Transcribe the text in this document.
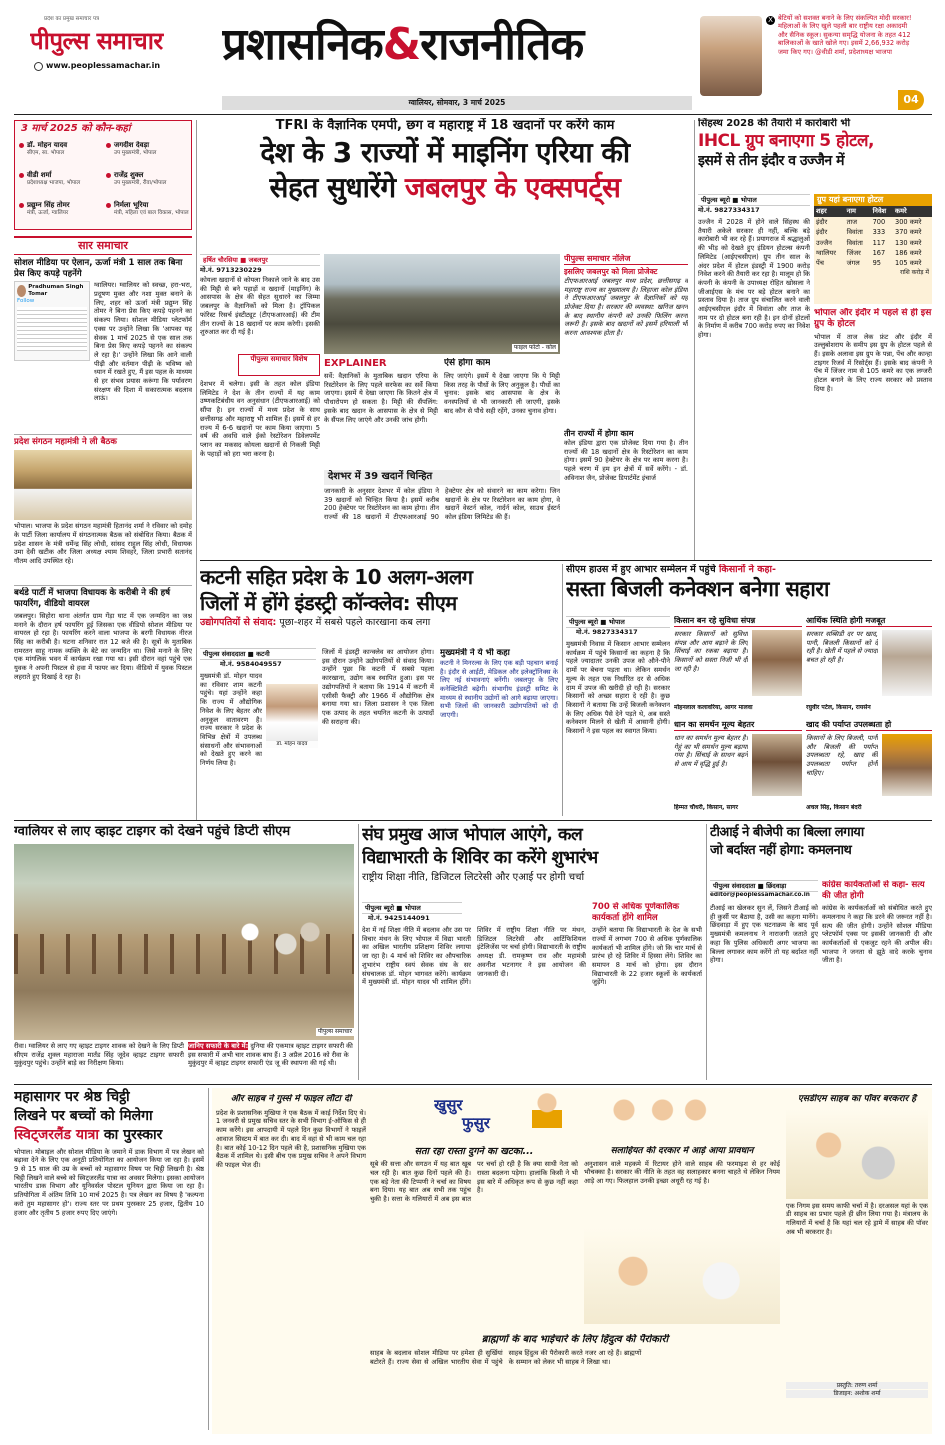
प्रदेश का प्रमुख समाचार पत्र
पीपुल्स समाचार
www.peoplessamachar.in प्रशासनिक&राजनीतिक
ग्वालियर, सोमवार, 3 मार्च 2025
X बेटियों को सशक्त बनाने के लिए संकल्पित मोदी सरकार! महिलाओं के लिए खुले पहली बार राष्ट्रीय रक्षा अकादमी और सैनिक स्कूल। सुकन्या समृद्धि योजना के तहत 412 बालिकाओं के खाते खोले गए। इसमें 2,66,932 करोड़ जमा किए गए। @वीडी शर्मा, प्रदेशाध्यक्ष भाजपा
04
3 मार्च 2025 को कौन-कहां
डॉ. मोहन यादव
सीएम, सा. भोपाल
जगदीश देवड़ा
उप मुख्यमंत्री, भोपाल
वीडी शर्मा
प्रदेशाध्यक्ष भाजपा, भोपाल
राजेंद्र शुक्ल
उप मुख्यमंत्री, रीवा/भोपाल
प्रद्युम्न सिंह तोमर
मंत्री, ऊर्जा, ग्वालियर
निर्मला भूरिया
मंत्री, महिला एवं बाल विकास, भोपाल
सार समाचार
सोशल मीडिया पर ऐलान, ऊर्जा मंत्री 1 साल तक बिना प्रेस किए कपड़े पहनेंगे
Pradhuman Singh Tomar
Follow
ग्वालियर। ग्वालियर को स्वच्छ, हरा-भरा, प्रदूषण मुक्त और नशा मुक्त बनाने के लिए, शहर को ऊर्जा मंत्री प्रद्युम्न सिंह तोमर ने बिना प्रेस किए कपड़े पहनने का संकल्प लिया। सोशल मीडिया प्लेटफॉर्म एक्स पर उन्होंने लिखा कि 'आपका यह सेवक 1 मार्च 2025 से एक साल तक बिना प्रेस किए कपड़े पहनने का संकल्प ले रहा है।' उन्होंने लिखा कि आने वाली पीढ़ी और वर्तमान पीढ़ी के भविष्य को ध्यान में रखते हुए, मैं इस पहल के माध्यम से हर संभव प्रयास करूंगा कि पर्यावरण संरक्षण की दिशा में सकारात्मक बदलाव लाऊं।
प्रदेश संगठन महामंत्री ने ली बैठक
भोपाल। भाजपा के प्रदेश संगठन महामंत्री हितानंद शर्मा ने रविवार को दमोह के पार्टी जिला कार्यालय में संगठनात्मक बैठक को संबोधित किया। बैठक में प्रदेश शासन के मंत्री धर्मेन्द्र सिंह लोधी, सांसद राहुल सिंह लोधी, विधायक उमा देवी खटीक और जिला अध्यक्ष श्याम शिवहरे, जिला प्रभारी सतानंद गौतम आदि उपस्थित रहे।
बर्थडे पार्टी में भाजपा विधायक के करीबी ने की हर्ष फायरिंग, वीडियो वायरल
जबलपुर। सिहोरा थाना अंतर्गत ग्राम गेंड़ा घाट में एक जन्मदिन का जश्न मनाने के दौरान हर्ष फायरिंग हुई जिसका एक वीडियो सोशल मीडिया पर वायरल हो रहा है। फायरिंग करने वाला भाजपा के बरगी विधायक नीरज सिंह का करीबी है। घटना शनिवार रात 12 बजे की है। सूत्रों के मुताबिक रामरतन साहू नामक व्यक्ति के बेटे का जन्मदिन था। जिसे मनाने के लिए एक मांगलिक भवन में कार्यक्रम रखा गया था। इसी दौरान वहां पहुंचे एक युवक ने अपनी पिस्टल से हवा में फायर कर दिया। वीडियो में युवक पिस्टल लहराते हुए दिखाई दे रहा है।
TFRI के वैज्ञानिक एमपी, छग व महाराष्ट्र में 18 खदानों पर करेंगे काम
देश के 3 राज्यों में माइनिंग एरिया की
सेहत सुधारेंगे जबलपुर के एक्सपर्ट्स
हर्षित चौरसिया ■ जबलपुर
मो.नं. 9713230229
कोयला खदानों से कोयला निकाले जाने के बाद उस की मिट्टी से बने पहाड़ों व खदानों (माइनिंग) के आसपास के क्षेत्र की सेहत सुधारने का जिम्मा जबलपुर के वैज्ञानिकों को मिला है। ट्रॉपिकल फॉरेस्ट रिसर्च इंस्टीट्यूट (टीएफआरआई) की टीम तीन राज्यों के 18 खदानों पर काम करेगी। इसकी शुरुआत कर दी गई है।
पीपुल्स समाचार विशेष
देशभर में चलेगा। इसी के तहत कोल इंडिया लिमिटेड ने देश के तीन राज्यों में यह काम उष्णकटिबंधीय वन अनुसंधान (टीएफआरआई) को सौंपा है। इन राज्यों में मध्य प्रदेश के साथ छत्तीसगढ़ और महाराष्ट्र भी शामिल हैं। इसमें से हर राज्य में 6-6 खदानों पर काम किया जाएगा। 5 वर्ष की अवधि वाले ईको रेस्टोरेशन डिवेलपमेंट प्लान का मकसद कोयला खदानों से निकली मिट्टी के पहाड़ों को हरा भरा करना है।
फाइल फोटो - कोल
EXPLAINER
सर्वे: वैज्ञानिकों के मुताबिक खदान एरिया के रिस्टोरेशन के लिए पहले सरफेस का सर्वे किया जाएगा। इसमें ये देखा जाएगा कि कितने क्षेत्र में पौधारोपण हो सकता है। मिट्टी की सैंपलिंग: इसके बाद खदान के आसपास के क्षेत्र से मिट्टी के सैंपल लिए जाएंगे और उनकी जांच होगी।
ऐसे होगा काम
लिए जाएंगे। इसमें ये देखा जाएगा कि ये मिट्टी किस तरह के पौधों के लिए अनुकूल है। पौधों का चुनाव: इसके बाद आसपास के क्षेत्र के वनस्पतियों से भी जानकारी ली जाएगी, इसके बाद कौन से पौधे सही रहेंगे, उनका चुनाव होगा।
देशभर में 39 खदानें चिन्हित
जानकारी के अनुसार देशभर में कोल इंडिया ने 39 खदानों को चिन्हित किया है। इसमें करीब 200 हेक्टेयर पर रिस्टोरेशन का काम होगा। तीन राज्यों की 18 खदानों में टीएफआरआई 90 हेक्टेयर क्षेत्र को संवारने का काम करेगा। जिन खदानों के क्षेत्र पर रिस्टोरेशन का काम होगा, वे खदानें वेस्टर्न कोल, नार्दर्न कोल, साउथ ईस्टर्न कोल इंडिया लिमिटेड की हैं।
पीपुल्स समाचार नॉलेज
इसलिए जबलपुर को मिला प्रोजेक्ट
टीएफआरआई जबलपुर मध्य प्रदेश, छत्तीसगढ़ व महाराष्ट्र राज्य का मुख्यालय है। लिहाजा कोल इंडिया ने टीएफआरआई जबलपुर के वैज्ञानिकों को यह प्रोजेक्ट दिया है। सरकार की व्यवस्था: खनिज खनन के बाद स्थानीय कंपनी को उनकी फिलिंग करना जरूरी है। इसके बाद खदानों को इसमें हरियाली भी करना आवश्यक होता है।
तीन राज्यों में होगा काम
कोल इंडिया द्वारा एक प्रोजेक्ट दिया गया है। तीन राज्यों की 18 खदानों क्षेत्र के रिस्टोरेशन का काम होगा। इसमें 90 हेक्टेयर के क्षेत्र पर काम करना है। पहले चरण में हम इन क्षेत्रों में सर्वे करेंगे। - डॉ. अविनाश जैन, प्रोजेक्ट डिपार्टमेंट इंचार्ज
सिंहस्थ 2028 की तैयारी में कारोबारी भी
IHCL ग्रुप बनाएगा 5 होटल,
इसमें से तीन इंदौर व उज्जैन में
पीपुल्स ब्यूरो ■ भोपाल
मो.नं. 9827334317
उज्जैन में 2028 में होने वाले सिंहस्थ की तैयारी अकेले सरकार ही नहीं, बल्कि बड़े कारोबारी भी कर रहे हैं। प्रयागराज में श्रद्धालुओं की भीड़ को देखते हुए इंडियन होटल्स कंपनी लिमिटेड (आईएचसीएल) ग्रुप तीन साल के अंदर प्रदेश में होटल इंडस्ट्री में 1900 करोड़ निवेश करने की तैयारी कर रहा है। मालूम हो कि कंपनी के कंपनी के उपाध्यक्ष रोहित खोसला ने जीआईएस के मंच पर बड़े होटल बनाने का प्रस्ताव दिया है। ताज ग्रुप संचालित करने वाली आईएचसीएल इंदौर में विवांता और ताज के नाम पर दो होटल बना रही है। इन दोनों होटलों के निर्माण में करीब 700 करोड़ रुपए का निवेश होगा।
ग्रुप यहां बनाएगा होटल
शहर	नाम	निवेश	कमरे
इंदौर	ताज	700	300 कमरे
इंदौर	विवांता	333	370 कमरे
उज्जैन	विवांता	117	130 कमरे
ग्वालियर	जिंजर	167	186 कमरे
पेंच	जंगल	95	105 कमरे
राशि करोड़ में
भोपाल और इंदौर में पहले से ही इस ग्रुप के होटल
भोपाल में ताज लेक फ्रंट और इंदौर में उल्लुबोशराय के समीप इस ग्रुप के होटल पहले से हैं। इसके अलावा इस ग्रुप के पन्ना, पेंच और कान्हा टाइगर रिजर्व में रिसोर्ट्स हैं। इसके बाद कंपनी ने पेंच में जिंजर नाम से 105 कमरे का एक लग्जरी होटल बनाने के लिए राज्य सरकार को प्रस्ताव दिया है।
कटनी सहित प्रदेश के 10 अलग-अलग
जिलों में होंगे इंडस्ट्री कॉन्क्लेव: सीएम
उद्योगपतियों से संवाद: पूछा-शहर में सबसे पहले कारखाना कब लगा
पीपुल्स संवाददाता ■ कटनी
मो.नं. 9584049557
मुख्यमंत्री डॉ. मोहन यादव का रविवार शाम कटनी पहुंचे। यहां उन्होंने कहा कि राज्य में औद्योगिक निवेश के लिए बेहतर और अनुकूल वातावरण है। राज्य सरकार ने प्रदेश के विभिन्न क्षेत्रों में उपलब्ध संसाधनों और संभावनाओं को देखते हुए करने का निर्णय लिया है।
डॉ. मोहन यादव
जिलों में इंडस्ट्री कान्क्लेव का आयोजन होगा। इस दौरान उन्होंने उद्योगपतियों से संवाद किया। उन्होंने पूछा कि कटनी में सबसे पहला कारखाना, उद्योग कब स्थापित हुआ। इस पर उद्योगपतियों ने बताया कि 1914 में कटनी में एसीसी फैक्ट्री और 1966 में औद्योगिक क्षेत्र बनाया गया था। जिला प्रशासन ने एक जिला एक उत्पाद के तहत चयनित कटनी के उत्पादों की सराहना की।
मुख्यमंत्री ने ये भी कहा
कटनी ने मिनरल्स के लिए एक बड़ी पहचान बनाई है। इंदौर से आईटी, मेडिकल और इलेक्ट्रॉनिक्स के लिए नई संभावनाएं बनेंगी। जबलपुर के लिए कनेक्टिविटी बढ़ेगी। संभागीय इंडस्ट्री समिट के माध्यम से स्थानीय उद्योगों को आगे बढ़ाया जाएगा। सभी जिलों की जानकारी उद्योगपतियों को दी जाएगी।
सीएम हाउस में हुए आभार सम्मेलन में पहुंचे किसानों ने कहा-
सस्ता बिजली कनेक्शन बनेगा सहारा
पीपुल्स ब्यूरो ■ भोपाल
मो.नं. 9827334317
मुख्यमंत्री निवास में किसान आभार सम्मेलन कार्यक्रम में पहुंचे किसानों का कहना है कि पहले ज्यादातर उनकी उपज को औने-पौने दामों पर बेचना पड़ता था। लेकिन समर्थन मूल्य के तहत एक निर्धारित दर से अधिक दाम में उपज की खरीदी हो रही है। सरकार किसानों को अच्छा सहारा दे रही है। कुछ किसानों ने बताया कि उन्हें बिजली कनेक्शन के लिए अधिक पैसे देने पड़ते थे, अब सस्ते कनेक्शन मिलने से खेती में आसानी होगी। किसानों ने इस पहल का स्वागत किया।
किसान बन रहे सुविधा संपन्न
सरकार किसानों को सुविधा संपन्न और आय बढ़ाने के लिए सिंचाई का रकबा बढ़ाया है। किसानों को सस्ता निजी भी दी जा रही है।
मोहनलाल कलावरिया, आगर मालवा
आर्थिक स्थिति होगी मजबूत
सरकार सब्सिडी दर पर खाद, पानी, बिजली किसानों को दे रही है। खेती में पहले से ज्यादा बचत हो रही है।
रघुवीर पटेल, किसान, रायसेन
धान का समर्थन मूल्य बेहतर
धान का समर्थन मूल्य बेहतर है। गेहूं का भी समर्थन मूल्य बढ़ाया गया है। सिंचाई के साधन बढ़ने से आय में वृद्धि हुई है।
हिम्मत चौधरी, किसान, सागर
खाद की पर्याप्त उपलब्धता हो
किसानों के लिए बिजली, पानी और बिजली की पर्याप्त उपलब्धता रहे, खाद की उपलब्धता पर्याप्त होनी चाहिए।
अचल सिंह, किसान बंदरी
ग्वालियर से लाए व्हाइट टाइगर को देखने पहुंचे डिप्टी सीएम
रीवा। ग्वालियर से लाए गए व्हाइट टाइगर शावक को देखने के लिए डिप्टी सीएम राजेंद्र शुक्ल महाराजा मार्तंड सिंह जूदेव व्हाइट टाइगर सफारी मुकुंदपुर पहुंचे। उन्होंने बाड़े का निरीक्षण किया।
जानिए सफारी के बारे में: दुनिया की एकमात्र व्हाइट टाइगर सफारी की इस सफारी में अभी चार शावक बाघ हैं। 3 अप्रैल 2016 को रीवा के मुकुंदपुर में व्हाइट टाइगर सफारी एंड जू की स्थापना की गई थी।
पीपुल्स समाचार
संघ प्रमुख आज भोपाल आएंगे, कल
विद्याभारती के शिविर का करेंगे शुभारंभ
राष्ट्रीय शिक्षा नीति, डिजिटल लिटरेसी और एआई पर होगी चर्चा
पीपुल्स ब्यूरो ■ भोपाल
मो.नं. 9425144091
देश में नई शिक्षा नीति में बदलाव और उस पर विचार मंथन के लिए भोपाल में विद्या भारती का अखिल भारतीय प्रशिक्षण शिविर लगाया जा रहा है। 4 मार्च को शिविर का औपचारिक शुभारंभ राष्ट्रीय स्वयं सेवक संघ के सर संघचालक डॉ. मोहन भागवत करेंगे। कार्यक्रम में मुख्यमंत्री डॉ. मोहन यादव भी शामिल होंगे। शिविर में राष्ट्रीय शिक्षा नीति पर मंथन, डिजिटल लिटरेसी और आर्टिफिशियल इंटेलिजेंस पर चर्चा होगी। विद्याभारती के राष्ट्रीय अध्यक्ष डी. रामकृष्ण राव और महामंत्री अवनीश भटनागर ने इस आयोजन की जानकारी दी।
700 से अधिक पूर्णकालिक कार्यकर्ता होंगे शामिल
उन्होंने बताया कि विद्याभारती के देश के सभी राज्यों में लगभग 700 से अधिक पूर्णकालिक कार्यकर्ता भी शामिल होंगे। जो कि चार मार्च से प्रारंभ हो रहे शिविर में हिस्सा लेंगे। शिविर का समापन 8 मार्च को होगा। इस दौरान विद्याभारती के 22 हजार स्कूलों के कार्यकर्ता जुड़ेंगे।
टीआई ने बीजेपी का बिल्ला लगाया
जो बर्दाश्त नहीं होगा: कमलनाथ
पीपुल्स संवाददाता ■ छिंदवाड़ा
editor@peoplessamachar.co.in
टीआई का खेलकर सुन लें, जिसने टीआई को ही कुर्सी पर बैठाया है, उसी का कहना मानेंगे। छिंदवाड़ा में हुए एक घटनाक्रम के बाद पूर्व मुख्यमंत्री कमलनाथ ने नाराजगी जताते हुए कहा कि पुलिस अधिकारी अगर भाजपा का बिल्ला लगाकर काम करेंगे तो यह बर्दाश्त नहीं होगा।
कांग्रेस कार्यकर्ताओं से कहा- सत्य की जीत होगी
कांग्रेस के कार्यकर्ताओं को संबोधित करते हुए कमलनाथ ने कहा कि डरने की जरूरत नहीं है। सत्य की जीत होगी। उन्होंने सोशल मीडिया प्लेटफॉर्म एक्स पर इसकी जानकारी दी और कार्यकर्ताओं से एकजुट रहने की अपील की। भाजपा ने जनता से झूठे वादे करके चुनाव जीता है।
महासागर पर श्रेष्ठ चिट्ठी
लिखने पर बच्चों को मिलेगा
स्विट्जरलैंड यात्रा का पुरस्कार
भोपाल। मोबाइल और सोशल मीडिया के जमाने में डाक विभाग में पत्र लेखन को बढ़ावा देने के लिए एक अनूठी प्रतियोगिता का आयोजन किया जा रहा है। इसमें 9 से 15 साल की उम्र के बच्चों को महासागर विषय पर चिट्ठी लिखनी है। श्रेष्ठ चिट्ठी लिखने वाले बच्चे को स्विट्जरलैंड यात्रा का अवसर मिलेगा। इसका आयोजन भारतीय डाक विभाग और यूनिवर्सल पोस्टल यूनियन द्वारा किया जा रहा है। प्रतियोगिता में अंतिम तिथि 10 मार्च 2025 है। पत्र लेखन का विषय है 'कल्पना करो तुम महासागर हो'। राज्य स्तर पर प्रथम पुरस्कार 25 हजार, द्वितीय 10 हजार और तृतीय 5 हजार रुपए दिए जाएंगे।
खुसुर
फुसुर
और साहब ने गुस्से में फाइल लौटा दी
प्रदेश के प्रशासनिक मुखिया ने एक बैठक में काई निर्देश दिए थे। 1 जनवरी से प्रमुख सचिव स्तर के सभी विभाग ई-ऑफिस से ही काम करेंगे। इस आपदायी में पहले दिन कुछ विभागों ने फाइलें आवाज सिस्टम में बात कर दी। बाद में वहां से भी काम चल रहा है। बात कोई 10-12 दिन पहले की है, प्रशासनिक मुखिया एक बैठक में शामिल थे। इसी बीच एक प्रमुख सचिव ने अपने विभाग की फाइल भेज दी।
सता रहा रास्ता दुगने का खटका...
सूबे की सत्ता और सगठन में यह बात खूब चल रही है। बात कुछ दिनों पहले की है। एक बड़े नेता की टिप्पणी ने चर्चा का विषय बना दिया। यह बात अब सभी तक पहुंच चुकी है। सत्ता के गलियारों में अब इस बात पर चर्चा हो रही है कि क्या साथी नेता को रास्ता बदलना पड़ेगा। हालांकि किसी ने भी इस बारे में अधिकृत रूप से कुछ नहीं कहा है।
सलाहियत की दरकार में आड़े आया प्रावधान
अनुशासन वाले महकमे में रिटायर होने वाले साहब की फरमाइश से हर कोई भौचक्का है। सरकार की नीति के तहत वह सलाहकार बनना चाहते थे लेकिन नियम आड़े आ गए। फिलहाल उनकी इच्छा अधूरी रह गई है।
ब्राह्मणों के बाद भाईचारे के लिए हिंदुत्व की पैरोकारी
साहब के बदलाव सोशल मीडिया पर हमेशा ही सुर्खियां बटोरते हैं। राज्य सेवा से अखिल भारतीय सेवा में पहुंचे साहब हिंदुत्व की पैरोकारी करते नजर आ रहे हैं। ब्राह्मणों के सम्मान को लेकर भी साहब ने लिखा था।
एसडीएम साहब का पॉवर बरकरार है
एक निगम इस समय काफी चर्चा में है। दरअसल यहां के एक डी साहब का प्रभार पहले ही छीन लिया गया है। मंत्रालय के गलियारों में चर्चा है कि यहां चल रहे ड्रामे में साहब की पॉवर अब भी बरकरार है।
प्रस्तुति: तरुण शर्मा
डिजाइन: अशोक शर्मा
